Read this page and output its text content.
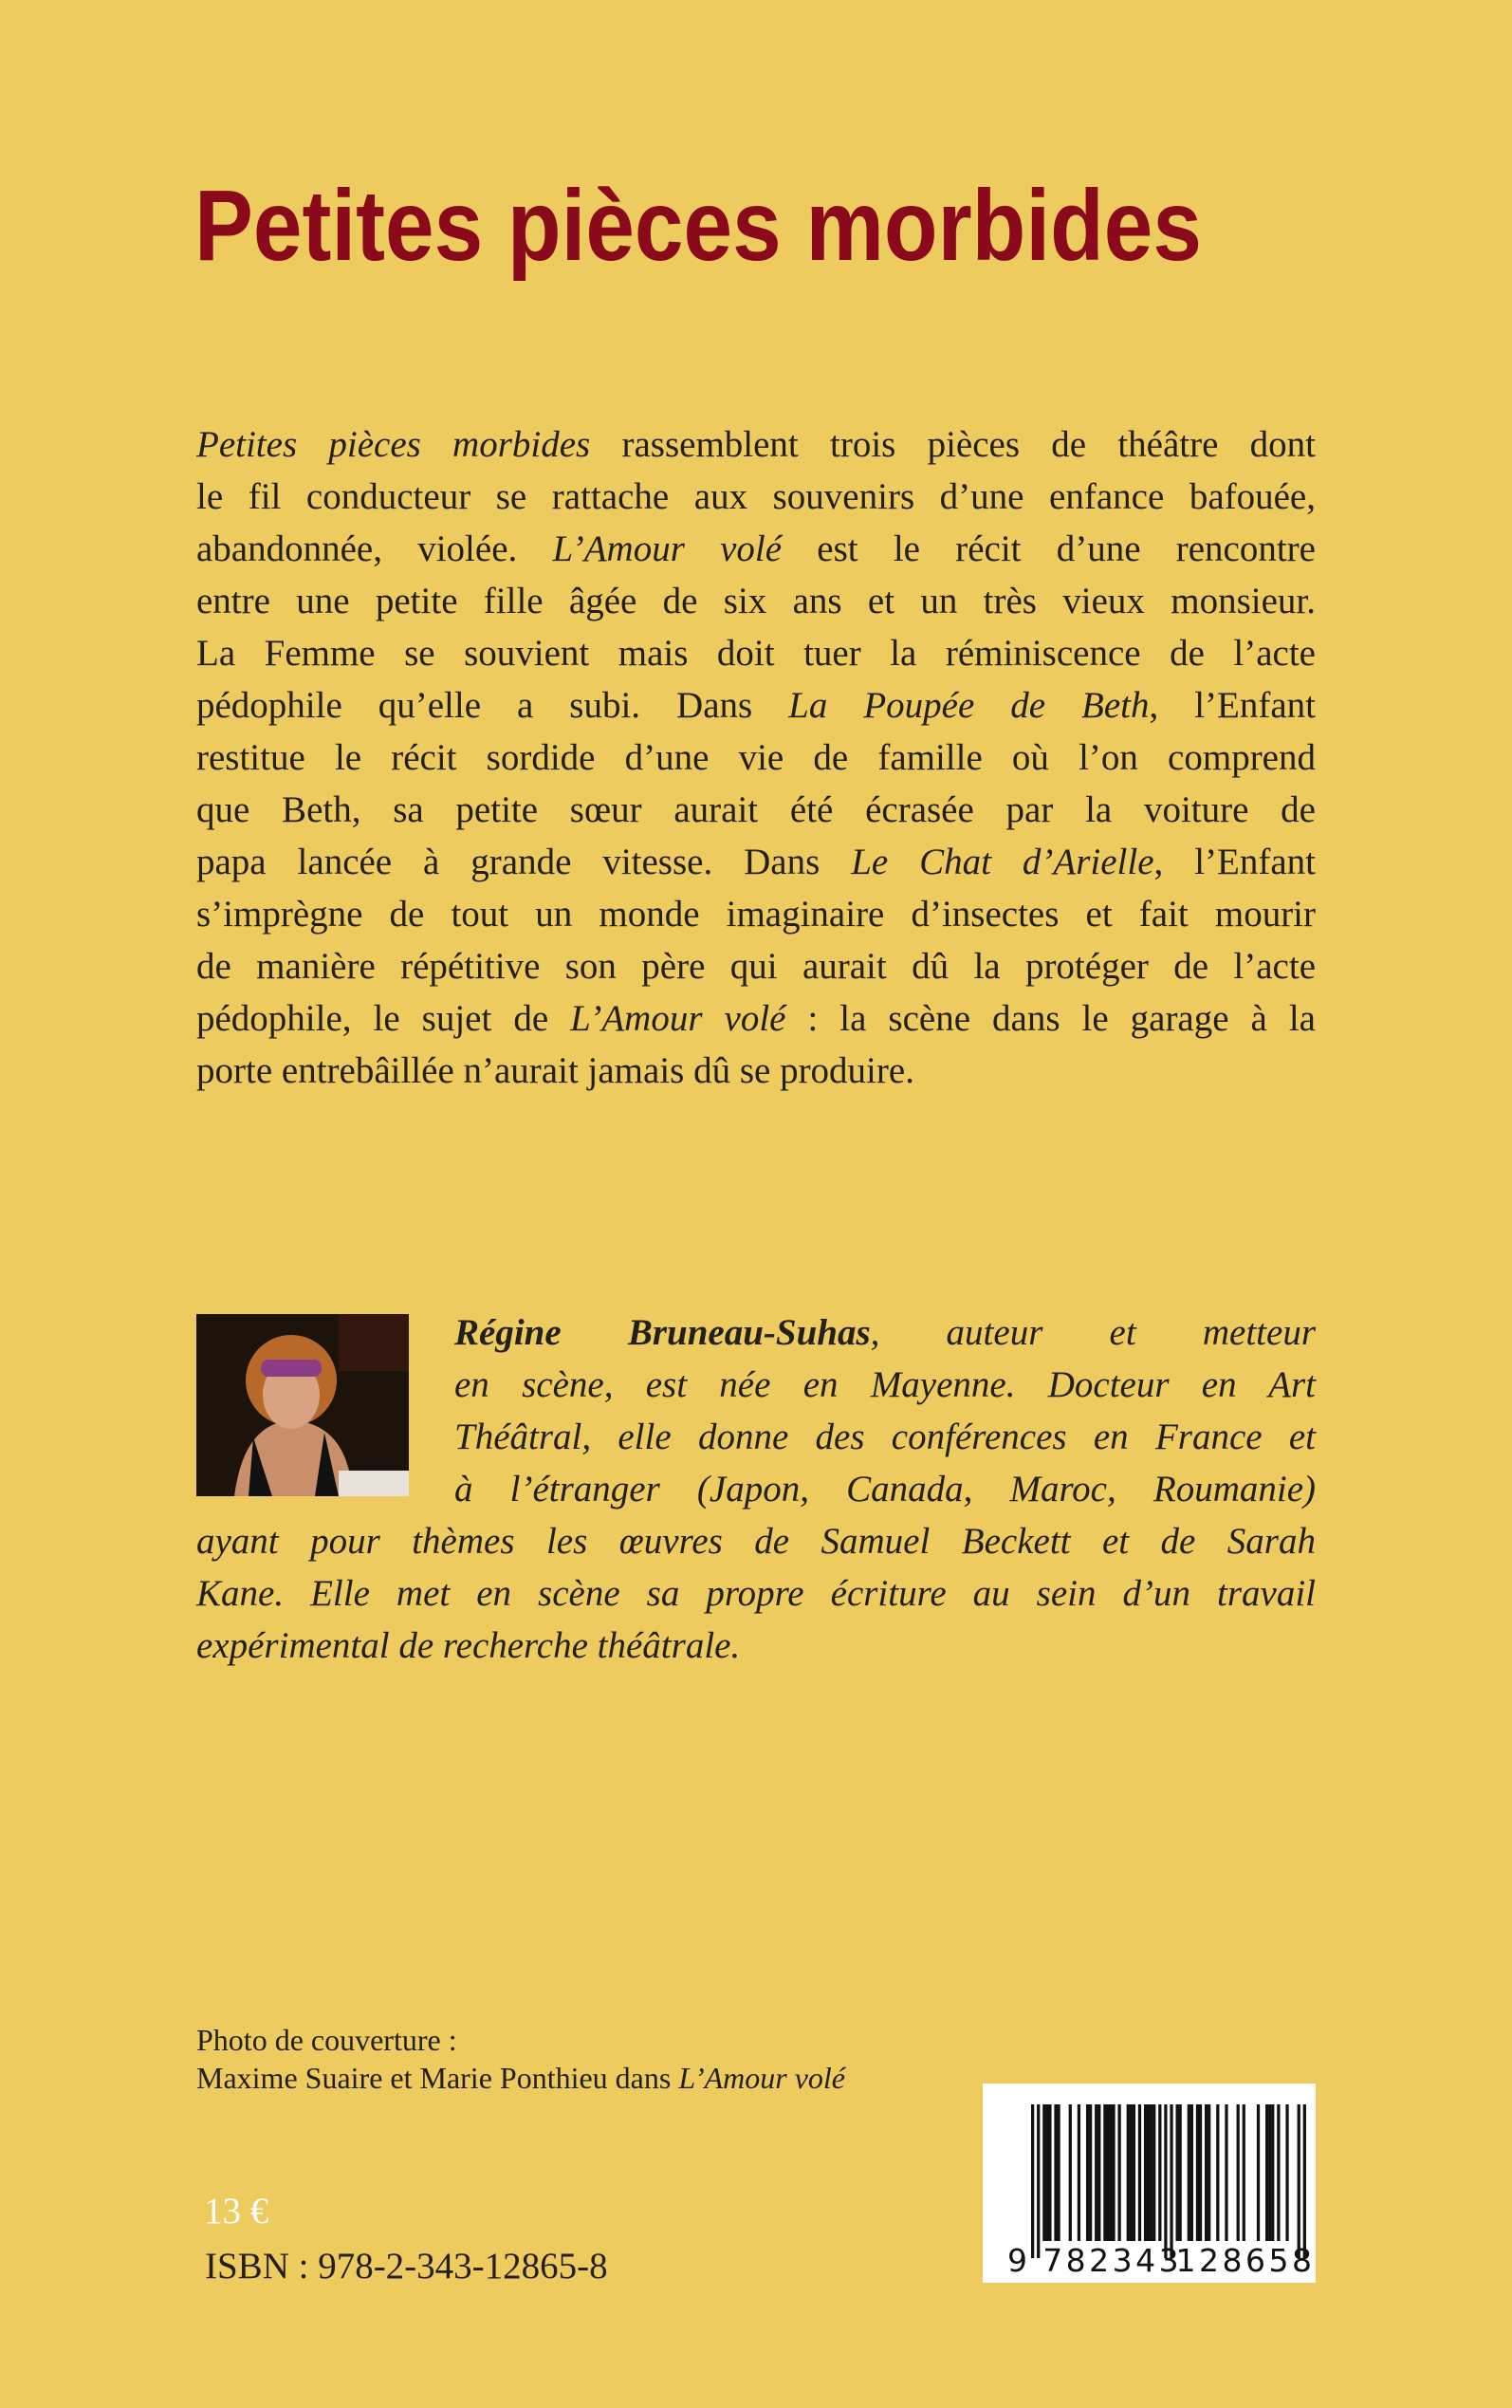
Petites pièces morbides
Petites pièces morbides rassemblent trois pièces de théâtre dont
le fil conducteur se rattache aux souvenirs d’une enfance bafouée,
abandonnée, violée. L’Amour volé est le récit d’une rencontre
entre une petite fille âgée de six ans et un très vieux monsieur.
La Femme se souvient mais doit tuer la réminiscence de l’acte
pédophile qu’elle a subi. Dans La Poupée de Beth, l’Enfant
restitue le récit sordide d’une vie de famille où l’on comprend
que Beth, sa petite sœur aurait été écrasée par la voiture de
papa lancée à grande vitesse. Dans Le Chat d’Arielle, l’Enfant
s’imprègne de tout un monde imaginaire d’insectes et fait mourir
de manière répétitive son père qui aurait dû la protéger de l’acte
pédophile, le sujet de L’Amour volé : la scène dans le garage à la
porte entrebâillée n’aurait jamais dû se produire.
Régine Bruneau-Suhas, auteur et metteur
en scène, est née en Mayenne. Docteur en Art
Théâtral, elle donne des conférences en France et
à l’étranger (Japon, Canada, Maroc, Roumanie)
ayant pour thèmes les œuvres de Samuel Beckett et de Sarah
Kane. Elle met en scène sa propre écriture au sein d’un travail
expérimental de recherche théâtrale.
Photo de couverture :
Maxime Suaire et Marie Ponthieu dans L’Amour volé
13 €
ISBN : 978-2-343-12865-8	9 782343
128658
